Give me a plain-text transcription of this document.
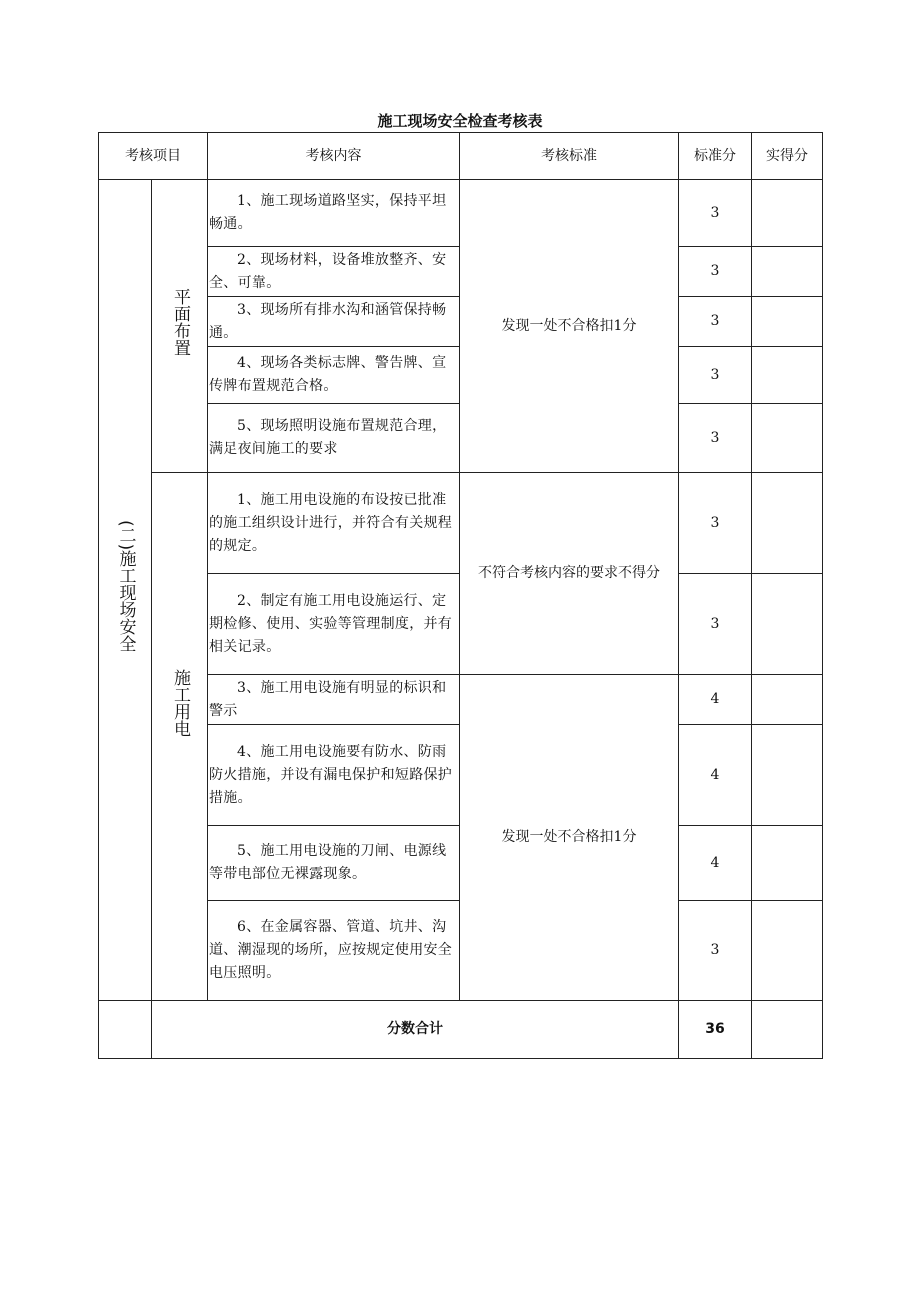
施工现场安全检查考核表
考核项目		考核内容	考核标准	标准分	实得分
(二)施工现场安全	平面布置	1、施工现场道路坚实，保持平坦畅通。	发现一处不合格扣1分	3	

		2、现场材料，设备堆放整齐、安全、可靠。		3	

		3、现场所有排水沟和涵管保持畅通。		3	

		4、现场各类标志牌、警告牌、宣传牌布置规范合格。		3	

		5、现场照明设施布置规范合理，满足夜间施工的要求		3	
	施工用电	1、施工用电设施的布设按已批准的施工组织设计进行，并符合有关规程的规定。	不符合考核内容的要求不得分	3	

		2、制定有施工用电设施运行、定期检修、使用、实验等管理制度，并有相关记录。		3	

		3、施工用电设施有明显的标识和警示	发现一处不合格扣1分	4	

		4、施工用电设施要有防水、防雨防火措施，并设有漏电保护和短路保护措施。		4	

		5、施工用电设施的刀闸、电源线等带电部位无裸露现象。		4	

		6、在金属容器、管道、坑井、沟道、潮湿现的场所，应按规定使用安全电压照明。		3	
	分数合计			36	
